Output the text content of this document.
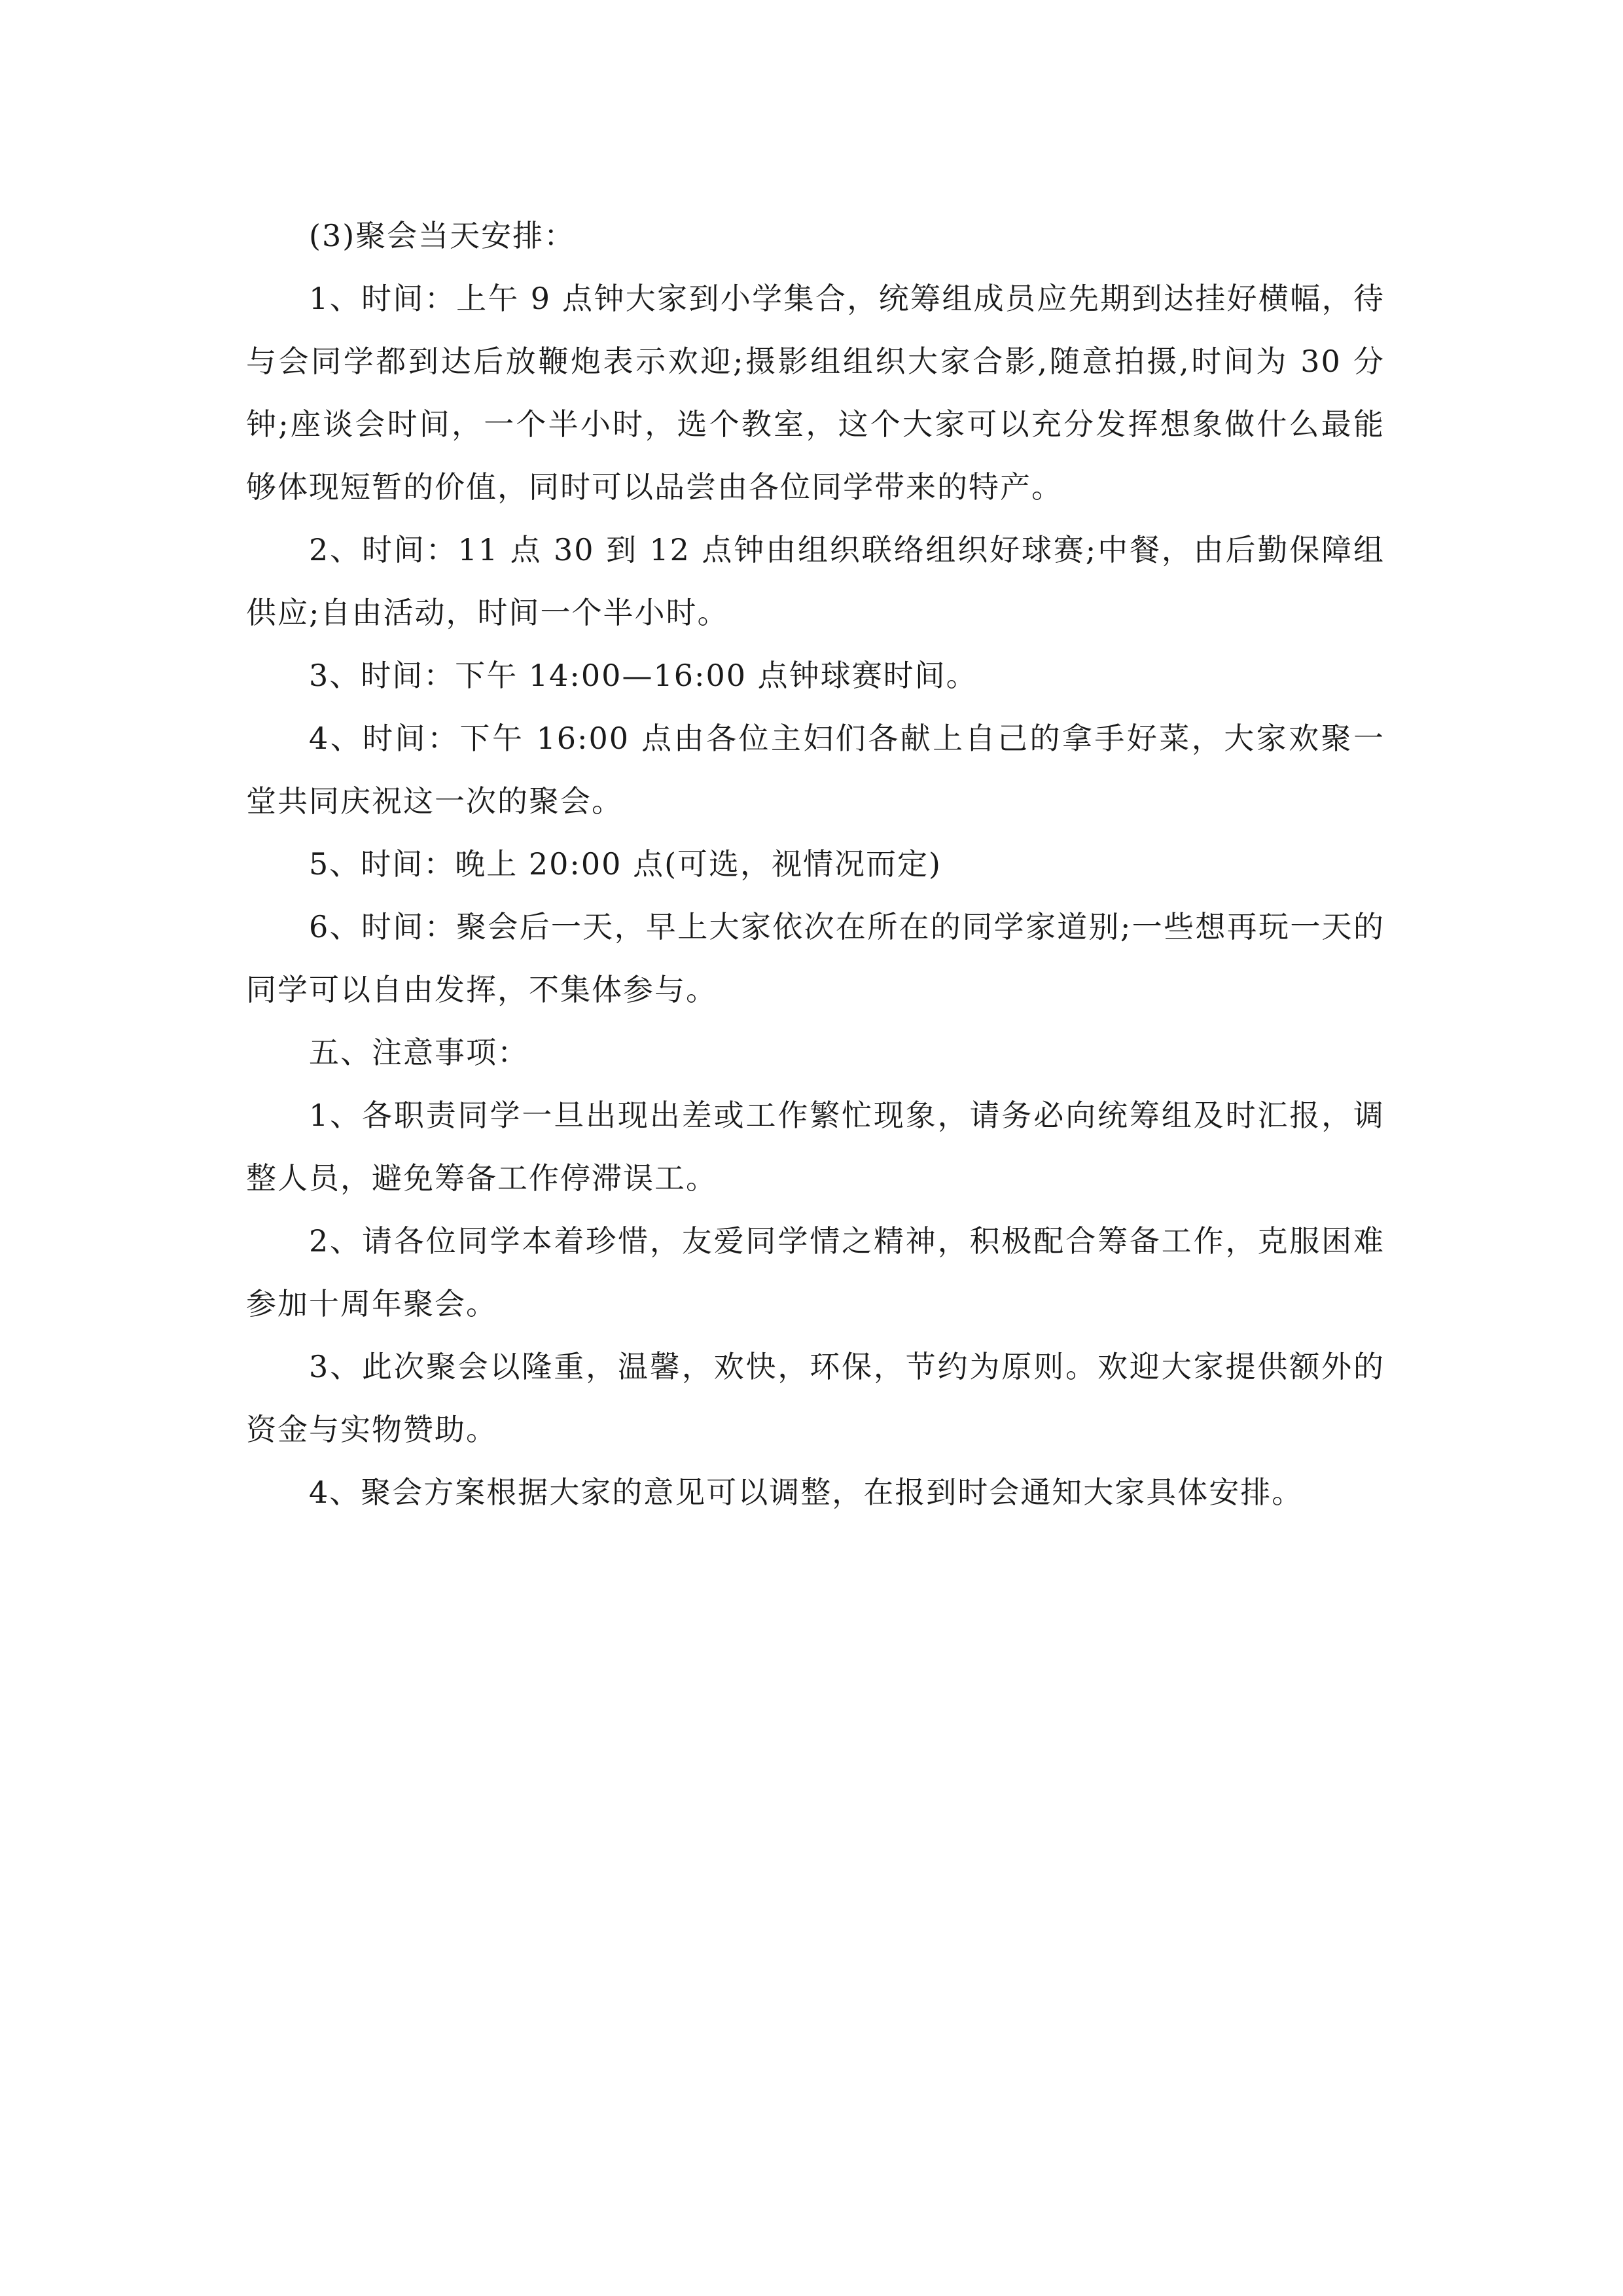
(3)聚会当天安排：

1、时间：上午 9 点钟大家到小学集合，统筹组成员应先期到达挂好横幅，待与会同学都到达后放鞭炮表示欢迎;摄影组组织大家合影,随意拍摄,时间为 30 分钟;座谈会时间，一个半小时，选个教室，这个大家可以充分发挥想象做什么最能够体现短暂的价值，同时可以品尝由各位同学带来的特产。

2、时间：11 点 30 到 12 点钟由组织联络组织好球赛;中餐，由后勤保障组供应;自由活动，时间一个半小时。

3、时间：下午 14:00—16:00 点钟球赛时间。

4、时间：下午 16:00 点由各位主妇们各献上自己的拿手好菜，大家欢聚一堂共同庆祝这一次的聚会。

5、时间：晚上 20:00 点(可选，视情况而定)

6、时间：聚会后一天，早上大家依次在所在的同学家道别;一些想再玩一天的同学可以自由发挥，不集体参与。

五、注意事项：

1、各职责同学一旦出现出差或工作繁忙现象，请务必向统筹组及时汇报，调整人员，避免筹备工作停滞误工。

2、请各位同学本着珍惜，友爱同学情之精神，积极配合筹备工作，克服困难参加十周年聚会。

3、此次聚会以隆重，温馨，欢快，环保，节约为原则。欢迎大家提供额外的资金与实物赞助。

4、聚会方案根据大家的意见可以调整，在报到时会通知大家具体安排。
